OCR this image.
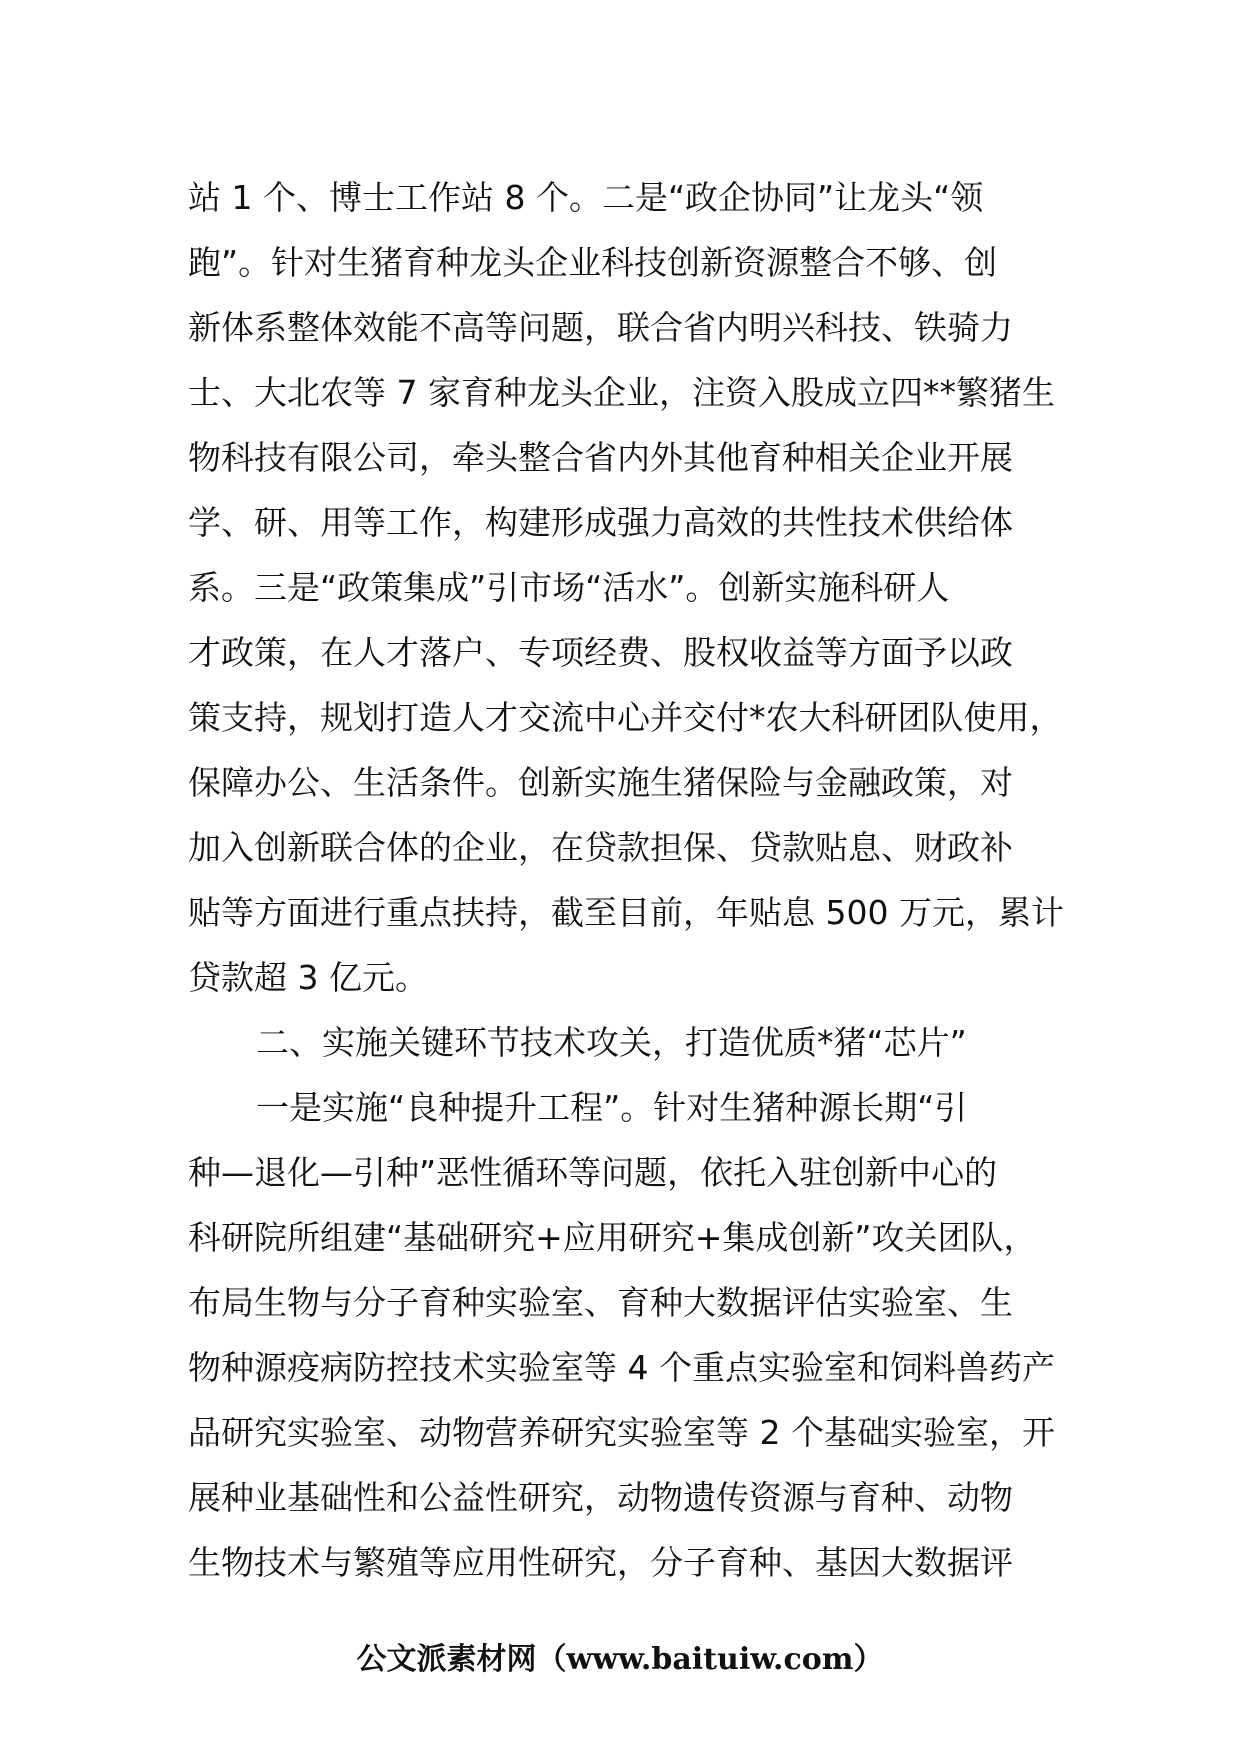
站 1 个、博士工作站 8 个。二是“政企协同”让龙头“领
跑”。针对生猪育种龙头企业科技创新资源整合不够、创
新体系整体效能不高等问题，联合省内明兴科技、铁骑力
士、大北农等 7 家育种龙头企业，注资入股成立四**繁猪生
物科技有限公司，牵头整合省内外其他育种相关企业开展
学、研、用等工作，构建形成强力高效的共性技术供给体
系。三是“政策集成”引市场“活水”。创新实施科研人
才政策，在人才落户、专项经费、股权收益等方面予以政
策支持，规划打造人才交流中心并交付*农大科研团队使用，
保障办公、生活条件。创新实施生猪保险与金融政策，对
加入创新联合体的企业，在贷款担保、贷款贴息、财政补
贴等方面进行重点扶持，截至目前，年贴息 500 万元，累计
贷款超 3 亿元。
二、实施关键环节技术攻关，打造优质*猪“芯片”
一是实施“良种提升工程”。针对生猪种源长期“引
种—退化—引种”恶性循环等问题，依托入驻创新中心的
科研院所组建“基础研究+应用研究+集成创新”攻关团队，
布局生物与分子育种实验室、育种大数据评估实验室、生
物种源疫病防控技术实验室等 4 个重点实验室和饲料兽药产
品研究实验室、动物营养研究实验室等 2 个基础实验室，开
展种业基础性和公益性研究，动物遗传资源与育种、动物
生物技术与繁殖等应用性研究，分子育种、基因大数据评
公文派素材网（www.baituiw.com）
